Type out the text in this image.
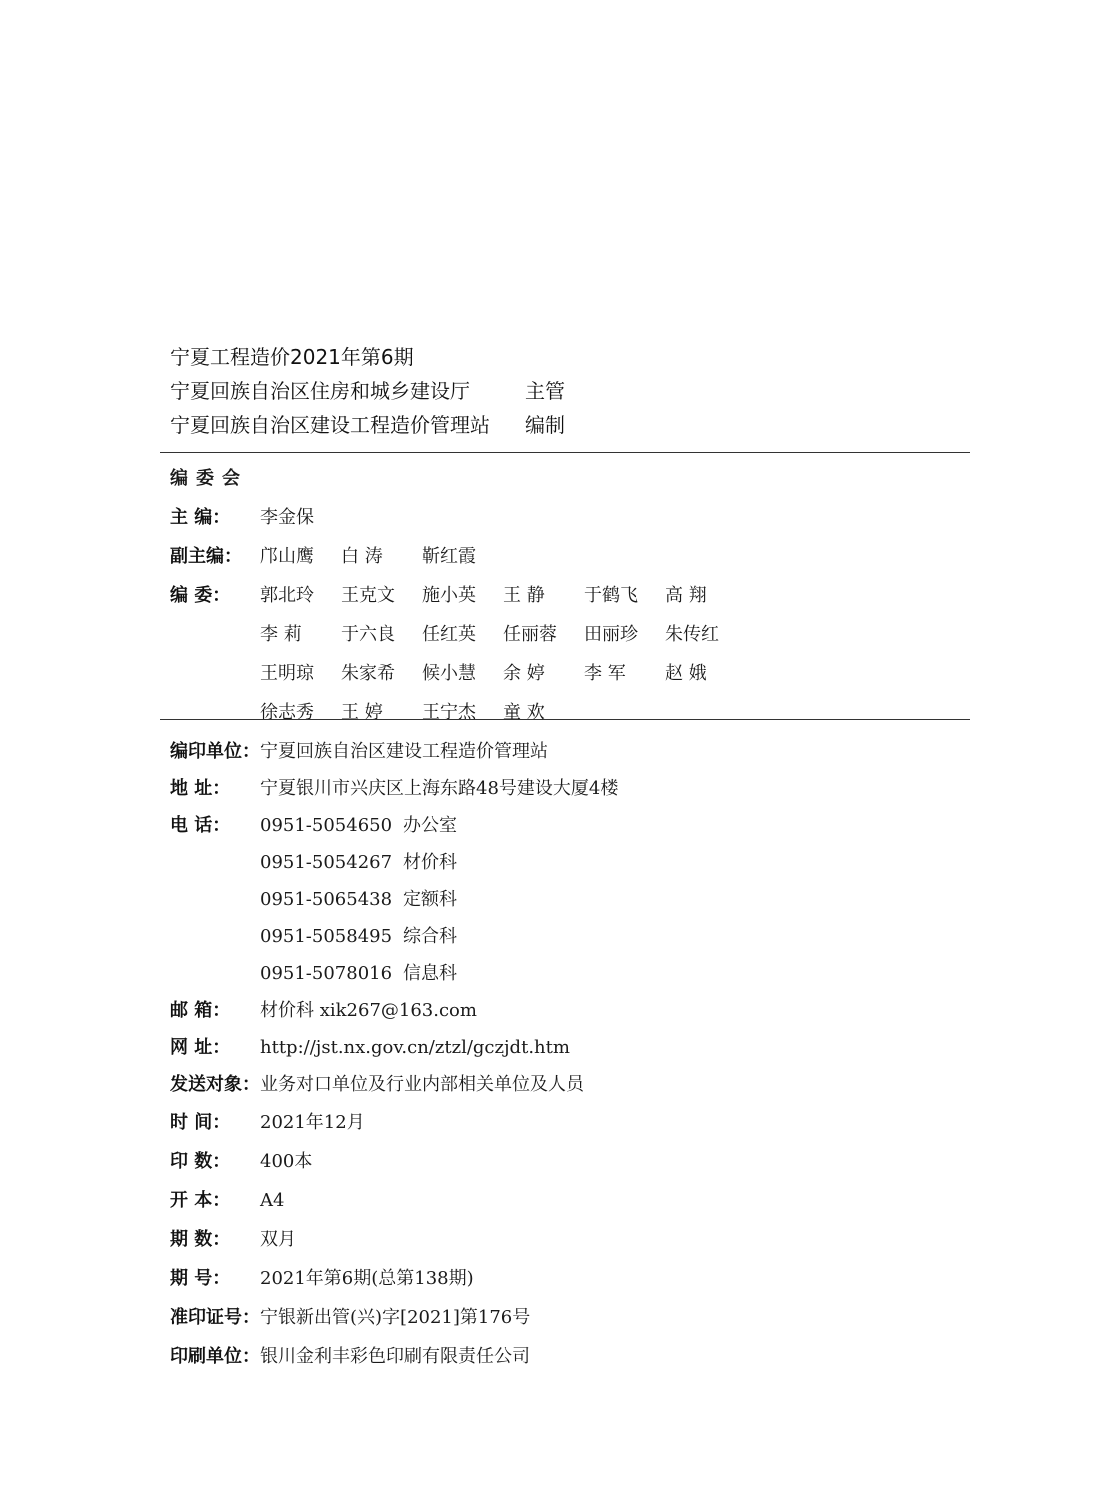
宁夏工程造价2021年第6期
宁夏回族自治区住房和城乡建设厅	主管
宁夏回族自治区建设工程造价管理站 编制
编委会
主 编： 李金保
副主编： 邝山鹰 白 涛 靳红霞
编 委： 郭北玲 王克文 施小英 王 静 于鹤飞 高 翔
李 莉 于六良 任红英 任丽蓉 田丽珍 朱传红
王明琼 朱家希 候小慧 余 婷 李 军 赵 娥
徐志秀 王 婷 王宁杰 童 欢
编印单位：宁夏回族自治区建设工程造价管理站
地 址： 宁夏银川市兴庆区上海东路48号建设大厦4楼
电 话： 0951-5054650 办公室
0951-5054267 材价科
0951-5065438 定额科
0951-5058495 综合科
0951-5078016 信息科
邮 箱： 材价科 xik267@163.com
网 址： http://jst.nx.gov.cn/ztzl/gczjdt.htm
发送对象：业务对口单位及行业内部相关单位及人员
时 间： 2021年12月
印 数： 400本
开 本： A4
期 数： 双月
期 号： 2021年第6期(总第138期)
准印证号：宁银新出管(兴)字[2021]第176号
印刷单位：银川金利丰彩色印刷有限责任公司
